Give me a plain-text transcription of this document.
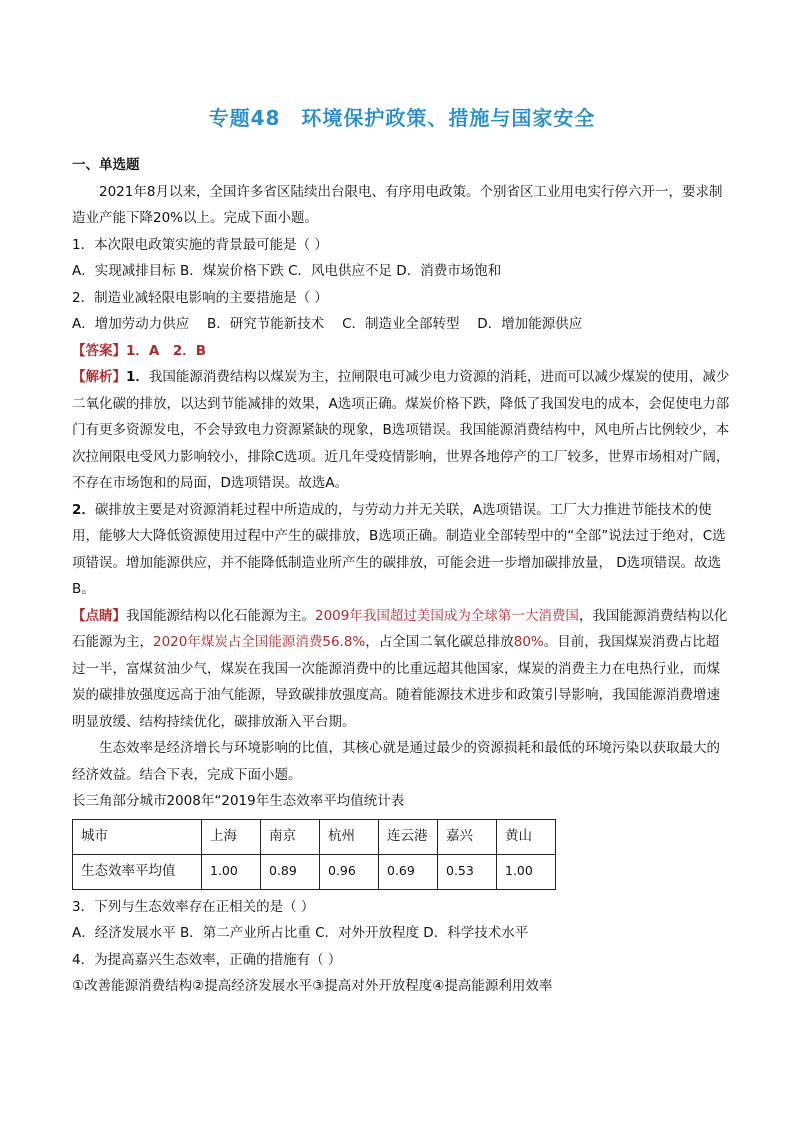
专题48　环境保护政策、措施与国家安全

一、单选题

2021年8月以来，全国许多省区陆续出台限电、有序用电政策。个别省区工业用电实行停六开一，要求制造业产能下降20%以上。完成下面小题。

1．本次限电政策实施的背景最可能是（ ）

A．实现减排目标 B．煤炭价格下跌 C．风电供应不足 D．消费市场饱和

2．制造业减轻限电影响的主要措施是（ ）

A．增加劳动力供应　 B．研究节能新技术　 C．制造业全部转型　 D．增加能源供应

【答案】1．A　2．B

【解析】1．我国能源消费结构以煤炭为主，拉闸限电可减少电力资源的消耗，进而可以减少煤炭的使用，减少二氧化碳的排放，以达到节能减排的效果，A选项正确。煤炭价格下跌，降低了我国发电的成本，会促使电力部门有更多资源发电，不会导致电力资源紧缺的现象，B选项错误。我国能源消费结构中，风电所占比例较少，本次拉闸限电受风力影响较小，排除C选项。近几年受疫情影响，世界各地停产的工厂较多，世界市场相对广阔，不存在市场饱和的局面，D选项错误。故选A。

2．碳排放主要是对资源消耗过程中所造成的，与劳动力并无关联，A选项错误。工厂大力推进节能技术的使用，能够大大降低资源使用过程中产生的碳排放，B选项正确。制造业全部转型中的“全部”说法过于绝对，C选项错误。增加能源供应，并不能降低制造业所产生的碳排放，可能会进一步增加碳排放量， D选项错误。故选B。

【点睛】我国能源结构以化石能源为主。2009年我国超过美国成为全球第一大消费国，我国能源消费结构以化石能源为主，2020年煤炭占全国能源消费56.8%，占全国二氧化碳总排放80%。目前，我国煤炭消费占比超过一半，富煤贫油少气，煤炭在我国一次能源消费中的比重远超其他国家，煤炭的消费主力在电热行业，而煤炭的碳排放强度远高于油气能源，导致碳排放强度高。随着能源技术进步和政策引导影响，我国能源消费增速明显放缓、结构持续优化，碳排放渐入平台期。

生态效率是经济增长与环境影响的比值，其核心就是通过最少的资源损耗和最低的环境污染以获取最大的经济效益。结合下表，完成下面小题。

长三角部分城市2008年“2019年生态效率平均值统计表

城市	上海	南京	杭州	连云港	嘉兴	黄山
生态效率平均值	1.00	0.89	0.96	0.69	0.53	1.00

3．下列与生态效率存在正相关的是（ ）

A．经济发展水平 B．第二产业所占比重 C．对外开放程度 D．科学技术水平

4．为提高嘉兴生态效率，正确的措施有（ ）

①改善能源消费结构②提高经济发展水平③提高对外开放程度④提高能源利用效率
